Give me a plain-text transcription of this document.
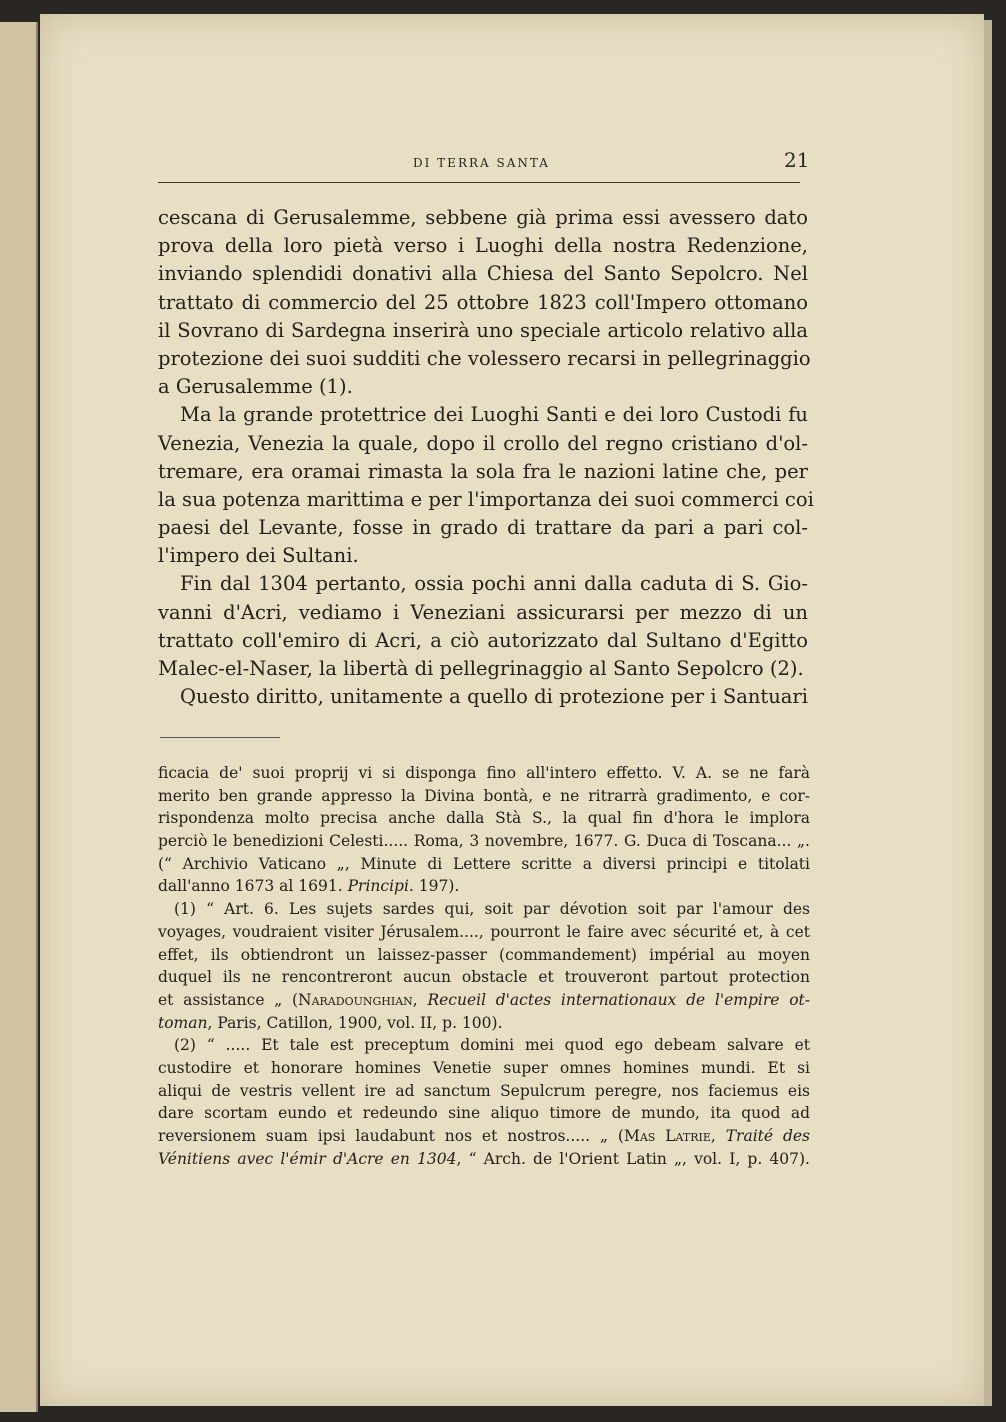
DI TERRA SANTA	21
cescana di Gerusalemme, sebbene già prima essi avessero dato
prova della loro pietà verso i Luoghi della nostra Redenzione,
inviando splendidi donativi alla Chiesa del Santo Sepolcro. Nel
trattato di commercio del 25 ottobre 1823 coll'Impero ottomano
il Sovrano di Sardegna inserirà uno speciale articolo relativo alla
protezione dei suoi sudditi che volessero recarsi in pellegrinaggio
a Gerusalemme (1).
Ma la grande protettrice dei Luoghi Santi e dei loro Custodi fu
Venezia, Venezia la quale, dopo il crollo del regno cristiano d'ol-
tremare, era oramai rimasta la sola fra le nazioni latine che, per
la sua potenza marittima e per l'importanza dei suoi commerci coi
paesi del Levante, fosse in grado di trattare da pari a pari col-
l'impero dei Sultani.
Fin dal 1304 pertanto, ossia pochi anni dalla caduta di S. Gio-
vanni d'Acri, vediamo i Veneziani assicurarsi per mezzo di un
trattato coll'emiro di Acri, a ciò autorizzato dal Sultano d'Egitto
Malec-el-Naser, la libertà di pellegrinaggio al Santo Sepolcro (2).
Questo diritto, unitamente a quello di protezione per i Santuari
ficacia de' suoi proprij vi si disponga fino all'intero effetto. V. A. se ne farà
merito ben grande appresso la Divina bontà, e ne ritrarrà gradimento, e cor-
rispondenza molto precisa anche dalla Stà S., la qual fin d'hora le implora
perciò le benedizioni Celesti..... Roma, 3 novembre, 1677. G. Duca di Toscana... „.
(“ Archivio Vaticano „, Minute di Lettere scritte a diversi principi e titolati
dall'anno 1673 al 1691. Principi. 197).
(1) “ Art. 6. Les sujets sardes qui, soit par dévotion soit par l'amour des
voyages, voudraient visiter Jérusalem...., pourront le faire avec sécurité et, à cet
effet, ils obtiendront un laissez-passer (commandement) impérial au moyen
duquel ils ne rencontreront aucun obstacle et trouveront partout protection
et assistance „ (Naradounghian, Recueil d'actes internationaux de l'empire ot-
toman, Paris, Catillon, 1900, vol. II, p. 100).
(2) “ ..... Et tale est preceptum domini mei quod ego debeam salvare et
custodire et honorare homines Venetie super omnes homines mundi. Et si
aliqui de vestris vellent ire ad sanctum Sepulcrum peregre, nos faciemus eis
dare scortam eundo et redeundo sine aliquo timore de mundo, ita quod ad
reversionem suam ipsi laudabunt nos et nostros..... „ (Mas Latrie, Traité des
Vénitiens avec l'émir d'Acre en 1304, “ Arch. de l'Orient Latin „, vol. I, p. 407).
